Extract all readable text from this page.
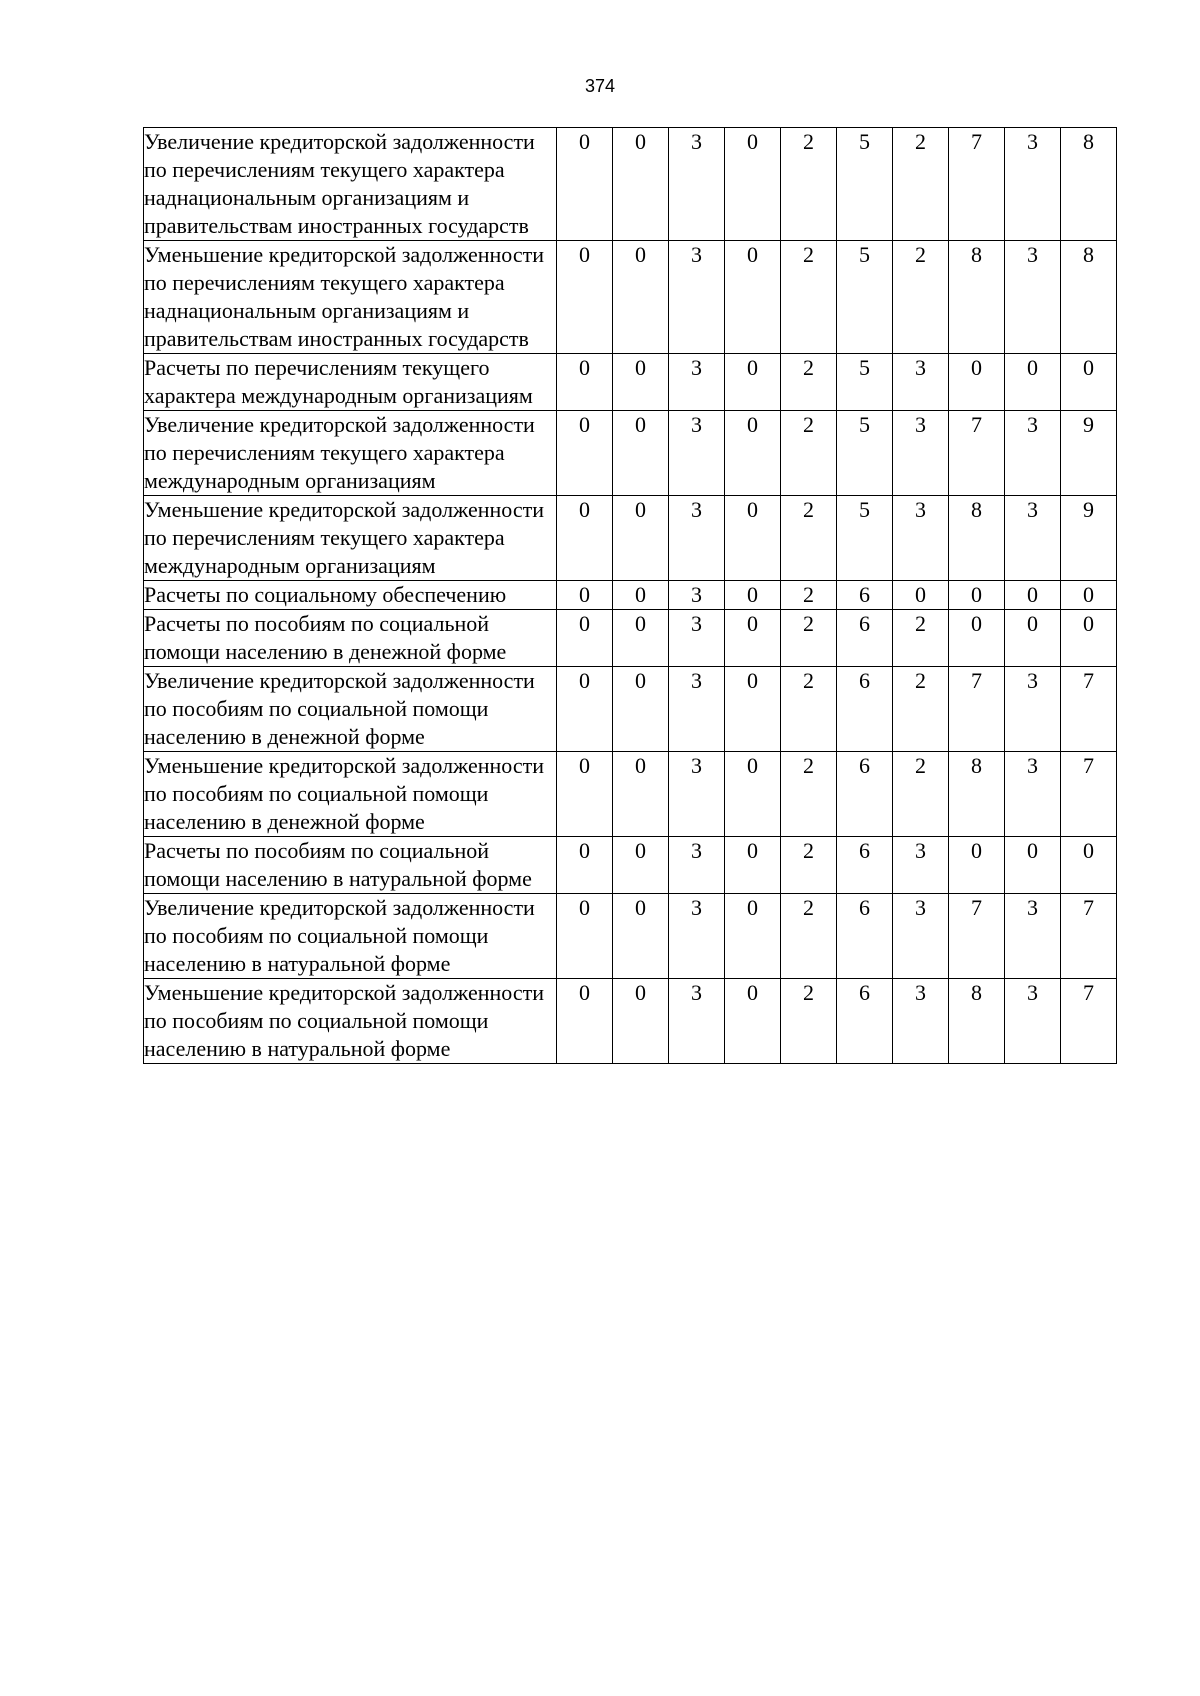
374
Увеличение кредиторской задолженности по перечислениям текущего характера наднациональным организациям и правительствам иностранных государств	0	0	3	0	2	5	2	7	3	8
Уменьшение кредиторской задолженности по перечислениям текущего характера наднациональным организациям и правительствам иностранных государств	0	0	3	0	2	5	2	8	3	8
Расчеты по перечислениям текущего характера международным организациям	0	0	3	0	2	5	3	0	0	0
Увеличение кредиторской задолженности по перечислениям текущего характера международным организациям	0	0	3	0	2	5	3	7	3	9
Уменьшение кредиторской задолженности по перечислениям текущего характера международным организациям	0	0	3	0	2	5	3	8	3	9
Расчеты по социальному обеспечению	0	0	3	0	2	6	0	0	0	0
Расчеты по пособиям по социальной помощи населению в денежной форме	0	0	3	0	2	6	2	0	0	0
Увеличение кредиторской задолженности по пособиям по социальной помощи населению в денежной форме	0	0	3	0	2	6	2	7	3	7
Уменьшение кредиторской задолженности по пособиям по социальной помощи населению в денежной форме	0	0	3	0	2	6	2	8	3	7
Расчеты по пособиям по социальной помощи населению в натуральной форме	0	0	3	0	2	6	3	0	0	0
Увеличение кредиторской задолженности по пособиям по социальной помощи населению в натуральной форме	0	0	3	0	2	6	3	7	3	7
Уменьшение кредиторской задолженности по пособиям по социальной помощи населению в натуральной форме	0	0	3	0	2	6	3	8	3	7
